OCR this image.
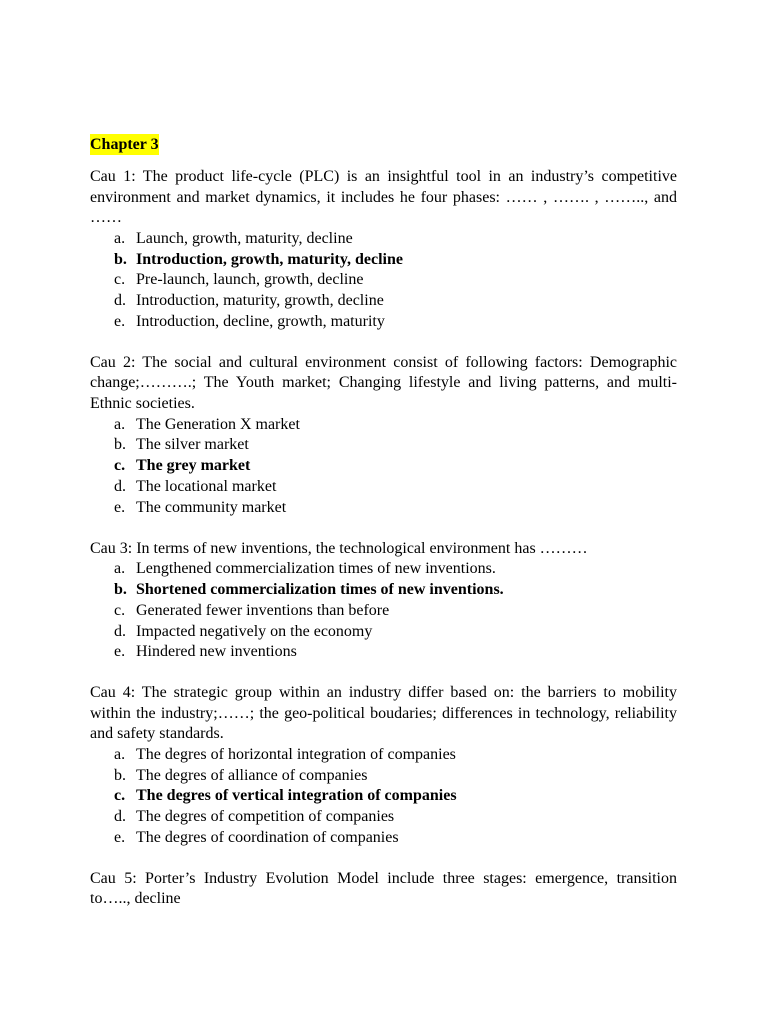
Chapter 3

Cau 1: The product life-cycle (PLC) is an insightful tool in an industry’s competitive environment and market dynamics, it includes he four phases: …… , ……. , …….., and ……

a. Launch, growth, maturity, decline
b. Introduction, growth, maturity, decline
c. Pre-launch, launch, growth, decline
d. Introduction, maturity, growth, decline
e. Introduction, decline, growth, maturity

Cau 2: The social and cultural environment consist of following factors: Demographic change;……….; The Youth market; Changing lifestyle and living patterns, and multi-Ethnic societies.

a. The Generation X market
b. The silver market
c. The grey market
d. The locational market
e. The community market

Cau 3: In terms of new inventions, the technological environment has ………

a. Lengthened commercialization times of new inventions.
b. Shortened commercialization times of new inventions.
c. Generated fewer inventions than before
d. Impacted negatively on the economy
e. Hindered new inventions

Cau 4: The strategic group within an industry differ based on: the barriers to mobility within the industry;……; the geo-political boudaries; differences in technology, reliability and safety standards.

a. The degres of horizontal integration of companies
b. The degres of alliance of companies
c. The degres of vertical integration of companies
d. The degres of competition of companies
e. The degres of coordination of companies

Cau 5: Porter’s Industry Evolution Model include three stages: emergence, transition to….., decline
